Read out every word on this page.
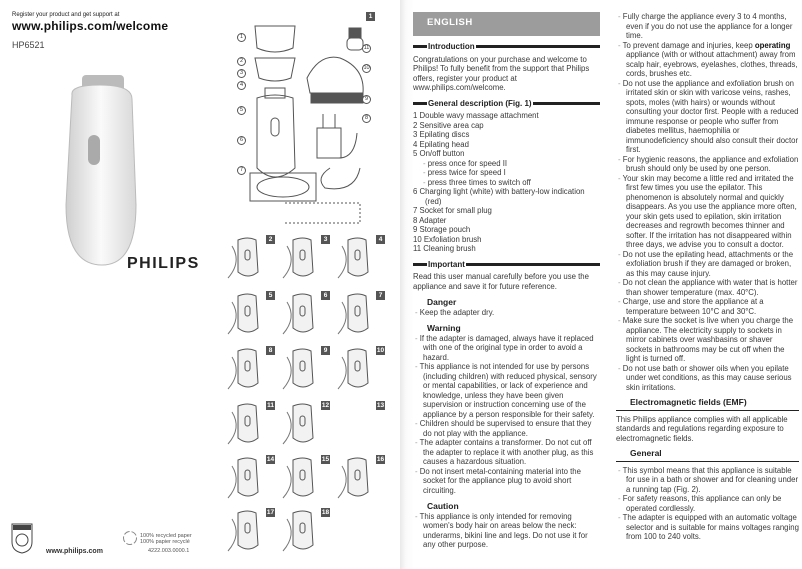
Register your product and get support at
www.philips.com/welcome
HP6521
PHILIPS
1
1
2
3
4
5
6
7
8
9
10
11
2	3	4
5	6	7
8	9	10
11	12	13
14	15	16
17	18
www.philips.com
100% recycled paper
100% papier recyclé
4222.003.0000.1
ENGLISH
Introduction

Congratulations on your purchase and welcome to Philips! To fully benefit from the support that Philips offers, register your product at www.philips.com/welcome.

General description (Fig. 1)
1 Double wavy massage attachment
2 Sensitive area cap
3 Epilating discs
4 Epilating head
5 On/off button
- press once for speed II
- press twice for speed I
- press three times to switch off
6 Charging light (white) with battery-low indication (red)
7 Socket for small plug
8 Adapter
9 Storage pouch
10 Exfoliation brush
11 Cleaning brush
Important

Read this user manual carefully before you use the appliance and save it for future reference.

Danger
- Keep the adapter dry.
Warning
- If the adapter is damaged, always have it replaced with one of the original type in order to avoid a hazard.
- This appliance is not intended for use by persons (including children) with reduced physical, sensory or mental capabilities, or lack of experience and knowledge, unless they have been given supervision or instruction concerning use of the appliance by a person responsible for their safety.
- Children should be supervised to ensure that they do not play with the appliance.
- The adapter contains a transformer. Do not cut off the adapter to replace it with another plug, as this causes a hazardous situation.
- Do not insert metal-containing material into the socket for the appliance plug to avoid short circuiting.
Caution
- This appliance is only intended for removing women's body hair on areas below the neck: underarms, bikini line and legs. Do not use it for any other purpose.
- Fully charge the appliance every 3 to 4 months, even if you do not use the appliance for a longer time.
- To prevent damage and injuries, keep operating appliance (with or without attachment) away from scalp hair, eyebrows, eyelashes, clothes, threads, cords, brushes etc.
- Do not use the appliance and exfoliation brush on irritated skin or skin with varicose veins, rashes, spots, moles (with hairs) or wounds without consulting your doctor first. People with a reduced immune response or people who suffer from diabetes mellitus, haemophilia or immunodeficiency should also consult their doctor first.
- For hygienic reasons, the appliance and exfoliation brush should only be used by one person.
- Your skin may become a little red and irritated the first few times you use the epilator. This phenomenon is absolutely normal and quickly disappears. As you use the appliance more often, your skin gets used to epilation, skin irritation decreases and regrowth becomes thinner and softer. If the irritation has not disappeared within three days, we advise you to consult a doctor.
- Do not use the epilating head, attachments or the exfoliation brush if they are damaged or broken, as this may cause injury.
- Do not clean the appliance with water that is hotter than shower temperature (max. 40°C).
- Charge, use and store the appliance at a temperature between 10°C and 30°C.
- Make sure the socket is live when you charge the appliance. The electricity supply to sockets in mirror cabinets over washbasins or shaver sockets in bathrooms may be cut off when the light is turned off.
- Do not use bath or shower oils when you epilate under wet conditions, as this may cause serious skin irritations.
Electromagnetic fields (EMF)

This Philips appliance complies with all applicable standards and regulations regarding exposure to electromagnetic fields.

General
- This symbol means that this appliance is suitable for use in a bath or shower and for cleaning under a running tap (Fig. 2).
- For safety reasons, this appliance can only be operated cordlessly.
- The adapter is equipped with an automatic voltage selector and is suitable for mains voltages ranging from 100 to 240 volts.
